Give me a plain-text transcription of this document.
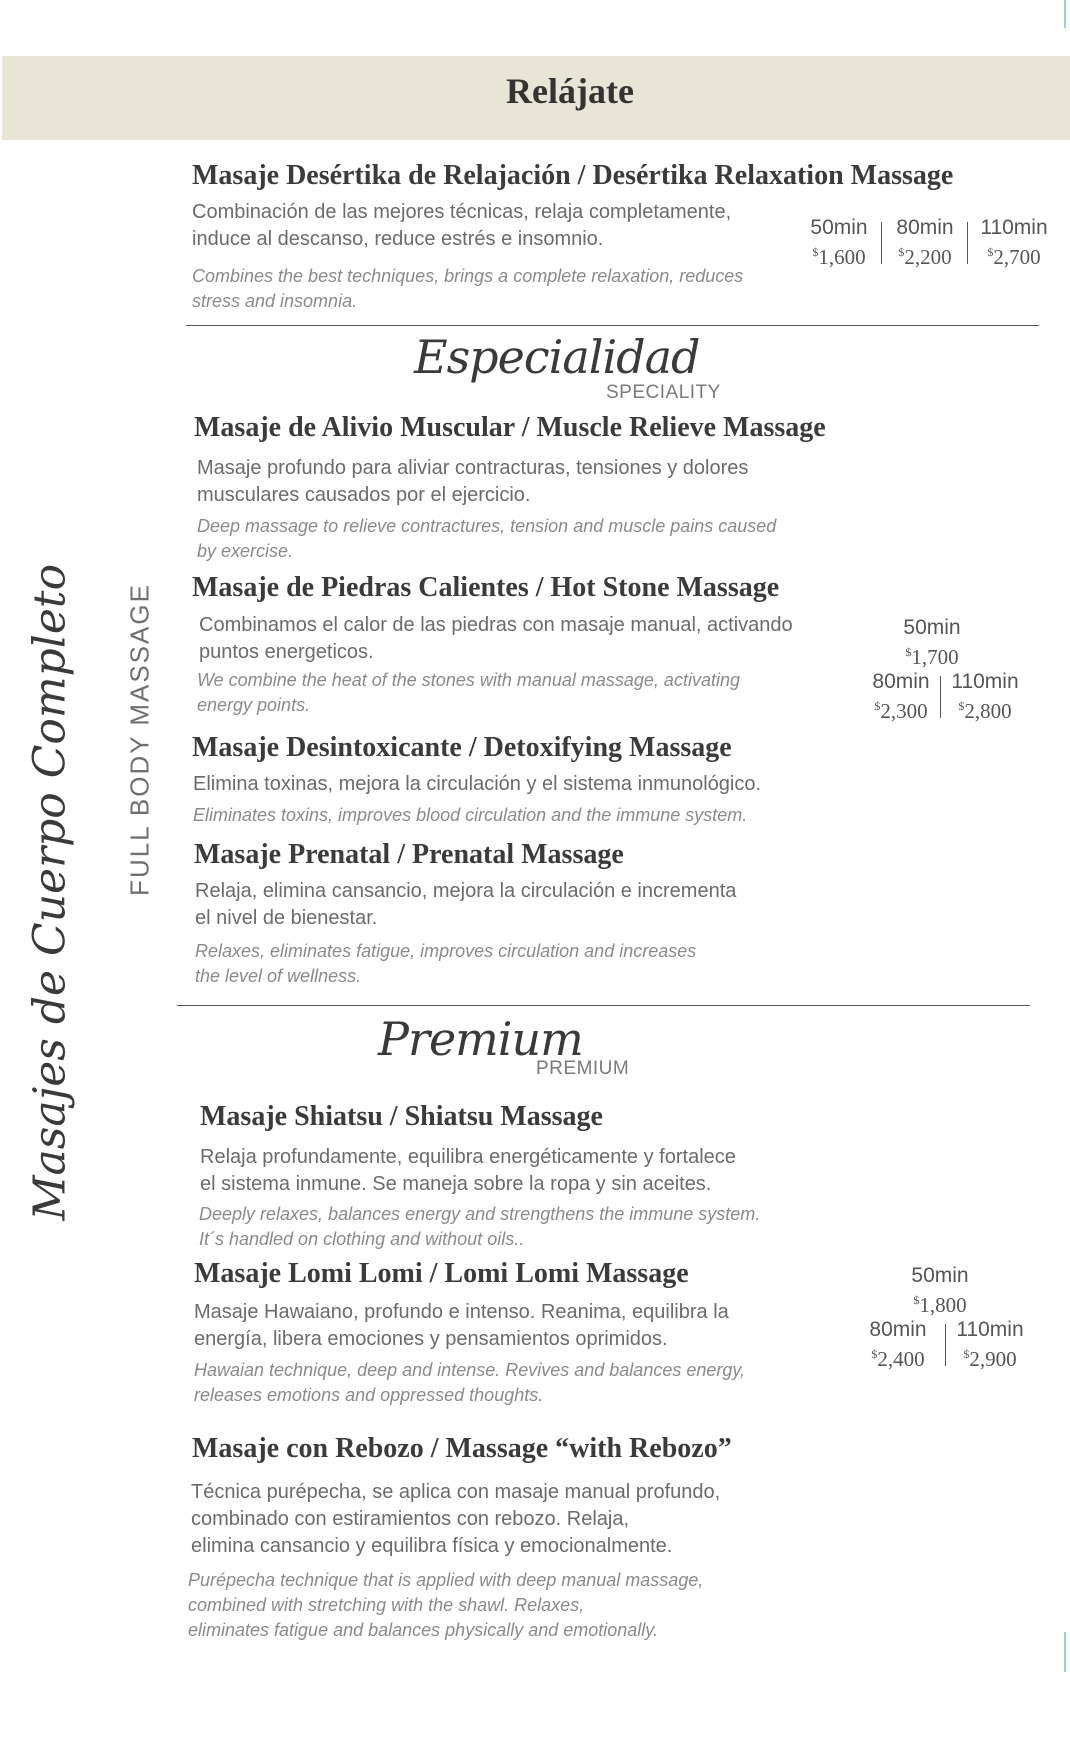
Relájate
Masajes de Cuerpo Completo FULL BODY MASSAGE
Masaje Desértika de Relajación / Desértika Relaxation Massage
Combinación de las mejores técnicas, relaja completamente,
induce al descanso, reduce estrés e insomnio.
Combines the best techniques, brings a complete relaxation, reduces
stress and insomnia.
50min
$1,600
80min
$2,200
110min
$2,700
Especialidad
SPECIALITY
Masaje de Alivio Muscular / Muscle Relieve Massage
Masaje profundo para aliviar contracturas, tensiones y dolores
musculares causados por el ejercicio.
Deep massage to relieve contractures, tension and muscle pains caused
by exercise.
Masaje de Piedras Calientes / Hot Stone Massage
Combinamos el calor de las piedras con masaje manual, activando
puntos energeticos.
We combine the heat of the stones with manual massage, activating
energy points.
Masaje Desintoxicante / Detoxifying Massage
Elimina toxinas, mejora la circulación y el sistema inmunológico.
Eliminates toxins, improves blood circulation and the immune system.
Masaje Prenatal / Prenatal Massage
Relaja, elimina cansancio, mejora la circulación e incrementa
el nivel de bienestar.
Relaxes, eliminates fatigue, improves circulation and increases
the level of wellness.
50min
$1,700
80min
$2,300
110min
$2,800
Premium
PREMIUM
Masaje Shiatsu / Shiatsu Massage
Relaja profundamente, equilibra energéticamente y fortalece
el sistema inmune. Se maneja sobre la ropa y sin aceites.
Deeply relaxes, balances energy and strengthens the immune system.
It´s handled on clothing and without oils..
Masaje Lomi Lomi / Lomi Lomi Massage
Masaje Hawaiano, profundo e intenso. Reanima, equilibra la
energía, libera emociones y pensamientos oprimidos.
Hawaian technique, deep and intense. Revives and balances energy,
releases emotions and oppressed thoughts.
50min
$1,800
80min
$2,400
110min
$2,900
Masaje con Rebozo / Massage “with Rebozo”
Técnica purépecha, se aplica con masaje manual profundo,
combinado con estiramientos con rebozo. Relaja,
elimina cansancio y equilibra física y emocionalmente.
Purépecha technique that is applied with deep manual massage,
combined with stretching with the shawl. Relaxes,
eliminates fatigue and balances physically and emotionally.
